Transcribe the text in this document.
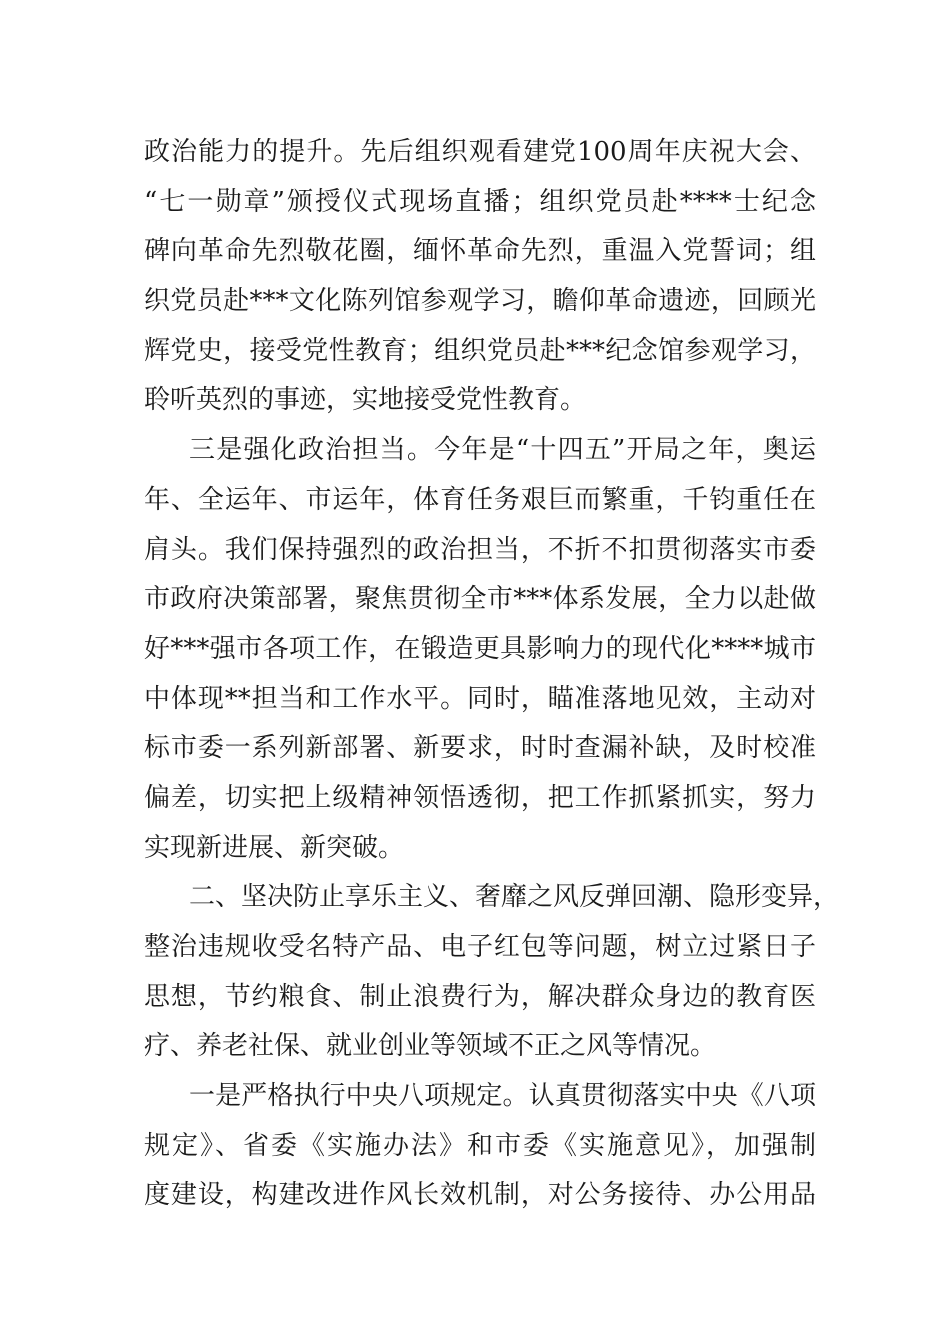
政治能力的提升。先后组织观看建党100周年庆祝大会、
“七一勋章”颁授仪式现场直播；组织党员赴****士纪念
碑向革命先烈敬花圈，缅怀革命先烈，重温入党誓词；组
织党员赴***文化陈列馆参观学习，瞻仰革命遗迹，回顾光
辉党史，接受党性教育；组织党员赴***纪念馆参观学习，
聆听英烈的事迹，实地接受党性教育。
三是强化政治担当。今年是“十四五”开局之年，奥运
年、全运年、市运年，体育任务艰巨而繁重，千钧重任在
肩头。我们保持强烈的政治担当，不折不扣贯彻落实市委
市政府决策部署，聚焦贯彻全市***体系发展，全力以赴做
好***强市各项工作，在锻造更具影响力的现代化****城市
中体现**担当和工作水平。同时，瞄准落地见效，主动对
标市委一系列新部署、新要求，时时查漏补缺，及时校准
偏差，切实把上级精神领悟透彻，把工作抓紧抓实，努力
实现新进展、新突破。
二、坚决防止享乐主义、奢靡之风反弹回潮、隐形变异，
整治违规收受名特产品、电子红包等问题，树立过紧日子
思想，节约粮食、制止浪费行为，解决群众身边的教育医
疗、养老社保、就业创业等领域不正之风等情况。
一是严格执行中央八项规定。认真贯彻落实中央《八项
规定》、省委《实施办法》和市委《实施意见》，加强制
度建设，构建改进作风长效机制，对公务接待、办公用品
